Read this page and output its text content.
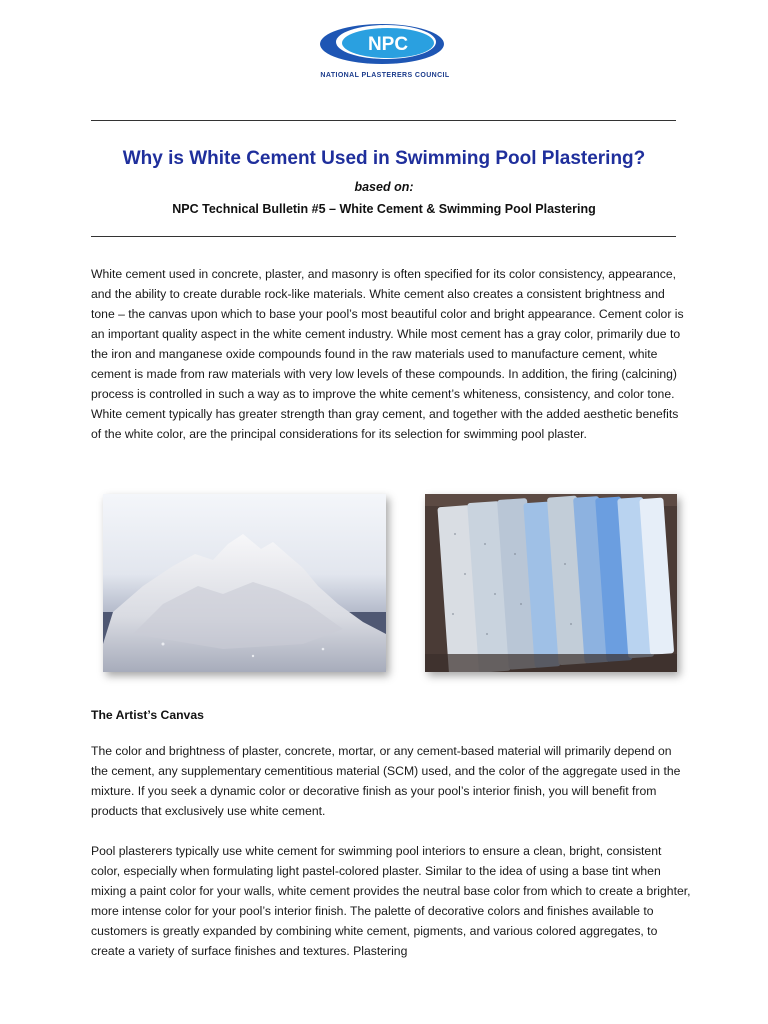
NPC
NATIONAL PLASTERERS COUNCIL
Why is White Cement Used in Swimming Pool Plastering?
based on:
NPC Technical Bulletin #5 – White Cement & Swimming Pool Plastering

White cement used in concrete, plaster, and masonry is often specified for its color consistency, appearance, and the ability to create durable rock-like materials. White cement also creates a consistent brightness and tone – the canvas upon which to base your pool’s most beautiful color and bright appearance. Cement color is an important quality aspect in the white cement industry. While most cement has a gray color, primarily due to the iron and manganese oxide compounds found in the raw materials used to manufacture cement, white cement is made from raw materials with very low levels of these compounds. In addition, the firing (calcining) process is controlled in such a way as to improve the white cement’s whiteness, consistency, and color tone. White cement typically has greater strength than gray cement, and together with the added aesthetic benefits of the white color, are the principal considerations for its selection for swimming pool plaster.

The Artist’s Canvas

The color and brightness of plaster, concrete, mortar, or any cement-based material will primarily depend on the cement, any supplementary cementitious material (SCM) used, and the color of the aggregate used in the mixture. If you seek a dynamic color or decorative finish as your pool’s interior finish, you will benefit from products that exclusively use white cement.

Pool plasterers typically use white cement for swimming pool interiors to ensure a clean, bright, consistent color, especially when formulating light pastel-colored plaster. Similar to the idea of using a base tint when mixing a paint color for your walls, white cement provides the neutral base color from which to create a brighter, more intense color for your pool’s interior finish. The palette of decorative colors and finishes available to customers is greatly expanded by combining white cement, pigments, and various colored aggregates, to create a variety of surface finishes and textures. Plastering
